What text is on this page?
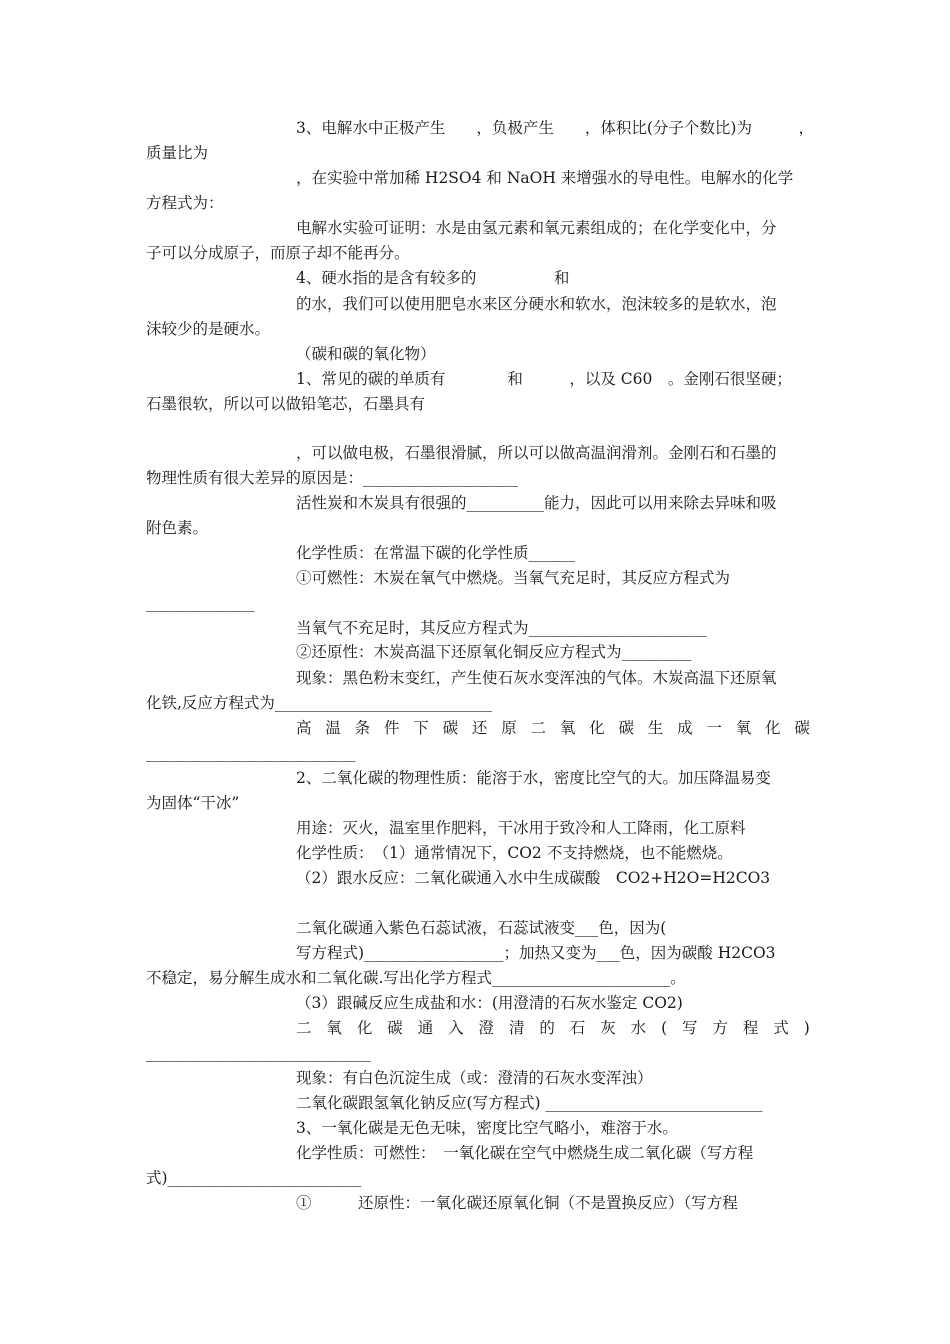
3、电解水中正极产生　　，负极产生　　，体积比(分子个数比)为　　　，
质量比为
，在实验中常加稀 H2SO4 和 NaOH 来增强水的导电性。电解水的化学
方程式为：
电解水实验可证明：水是由氢元素和氧元素组成的；在化学变化中，分
子可以分成原子，而原子却不能再分。
4、硬水指的是含有较多的　　　　　和
的水，我们可以使用肥皂水来区分硬水和软水，泡沫较多的是软水，泡
沫较少的是硬水。
（碳和碳的氧化物）
1、常见的碳的单质有　　　　和　　　，以及 C60　。金刚石很坚硬；
石墨很软，所以可以做铅笔芯，石墨具有
，可以做电极，石墨很滑腻，所以可以做高温润滑剂。金刚石和石墨的
物理性质有很大差异的原因是：____________________
活性炭和木炭具有很强的__________能力，因此可以用来除去异味和吸
附色素。
化学性质：在常温下碳的化学性质______
①可燃性：木炭在氧气中燃烧。当氧气充足时，其反应方程式为
______________
当氧气不充足时，其反应方程式为_______________________
②还原性：木炭高温下还原氧化铜反应方程式为_________
现象：黑色粉末变红，产生使石灰水变浑浊的气体。木炭高温下还原氧
化铁,反应方程式为____________________________
高 温 条 件 下 碳 还 原 二 氧 化 碳 生 成 一 氧 化 碳
___________________________
2、二氧化碳的物理性质：能溶于水，密度比空气的大。加压降温易变
为固体“干冰”
用途：灭火，温室里作肥料，干冰用于致冷和人工降雨，化工原料
化学性质：　（1）通常情况下，CO2 不支持燃烧，也不能燃烧。
（2）跟水反应：二氧化碳通入水中生成碳酸　CO2+H2O=H2CO3
二氧化碳通入紫色石蕊试液，石蕊试液变___色，因为(
写方程式)__________________；加热又变为___色，因为碳酸 H2CO3
不稳定，易分解生成水和二氧化碳.写出化学方程式_______________________。
（3）跟碱反应生成盐和水：(用澄清的石灰水鉴定 CO2)
二 氧 化 碳 通 入 澄 清 的 石 灰 水 ( 写 方 程 式 )
_____________________________
现象：有白色沉淀生成（或：澄清的石灰水变浑浊）
二氧化碳跟氢氧化钠反应(写方程式) ____________________________
3、一氧化碳是无色无味，密度比空气略小，难溶于水。
化学性质：可燃性：　一氧化碳在空气中燃烧生成二氧化碳（写方程
式)_________________________
①　　　还原性：一氧化碳还原氧化铜（不是置换反应）（写方程
